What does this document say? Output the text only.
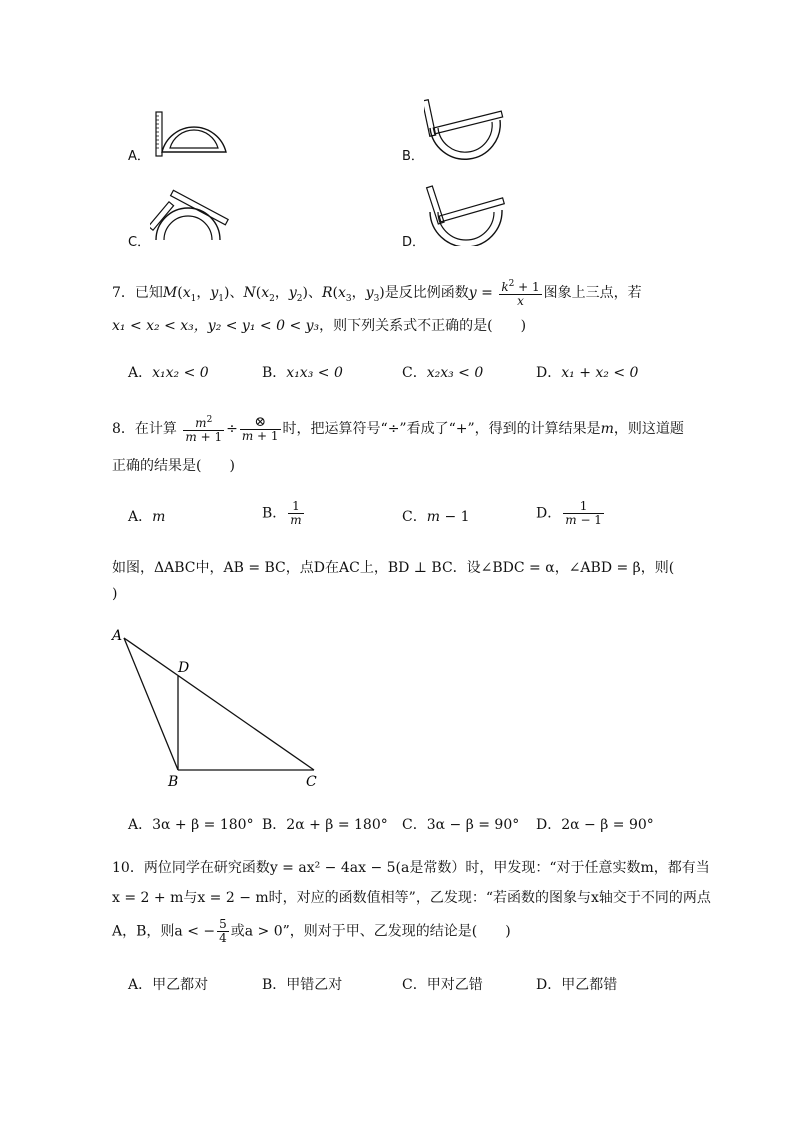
A．	B．
C．	D．
7．已知$M(x_1$，$y_1$)、$N(x_2$，$y_2$)、$R(x_3$，$y_3$)是反比例函数$y = \frac{k^2 + 1}{x}$ 图象上三点，若
x₁ < x₂ < x₃，y₂ < y₁ < 0 < y₃，则下列关系式不正确的是(　　)
A．x₁x₂ < 0	B．x₁x₃ < 0	C．x₂x₃ < 0	D．x₁ + x₂ < 0
8．在计算 $\frac{m^2}{m + 1} \div \frac{\otimes}{m + 1}$ 时，把运算符号“÷”看成了“+”，得到的计算结果是m，则这道题
正确的结果是(　　)
A．m	B． $\frac{1}{m}$	C．m − 1	D． $\frac{1}{m - 1}$
如图，ΔABC中，AB = BC，点D在AC上，BD ⊥ BC．设∠BDC = α，∠ABD = β，则(
)
A
D
B	C
A．3α + β = 180° B．2α + β = 180° C．3α − β = 90° D．2α − β = 90°
10．两位同学在研究函数y = ax² − 4ax − 5(a是常数）时，甲发现：“对于任意实数m，都有当
x = 2 + m与x = 2 − m时，对应的函数值相等”，乙发现：“若函数的图象与x轴交于不同的两点
A，B，则a < − $\frac{5}{4}$ 或a > 0”，则对于甲、乙发现的结论是(　　)
A．甲乙都对	B．甲错乙对	C．甲对乙错	D．甲乙都错
